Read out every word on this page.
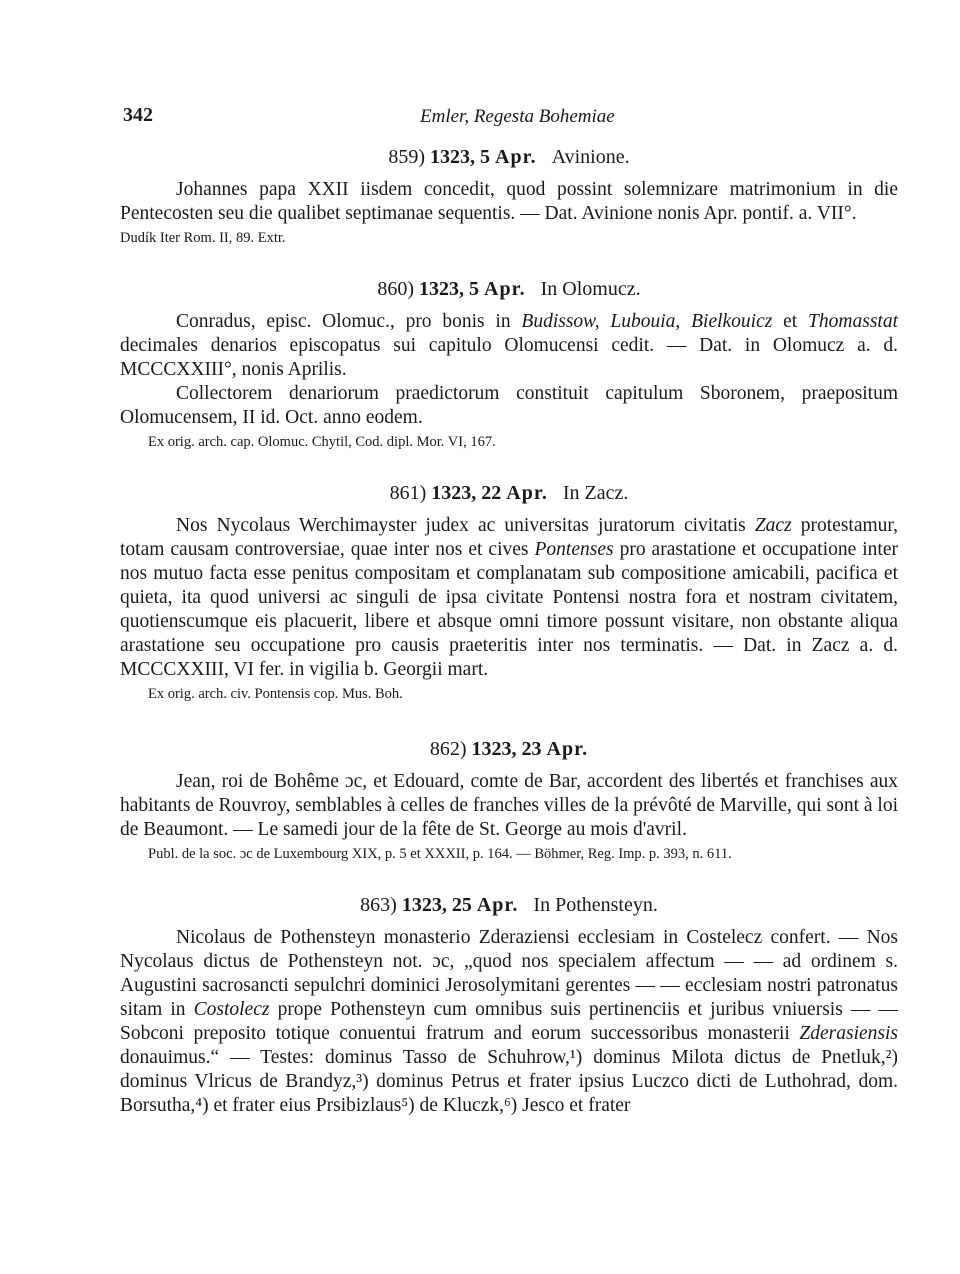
342	Emler, Regesta Bohemiae
859) 1323, 5 Apr. Avinione.

Johannes papa XXII iisdem concedit, quod possint solemnizare matrimonium in die Pentecosten seu die qualibet septimanae sequentis. — Dat. Avinione nonis Apr. pontif. a. VII°.

Dudík Iter Rom. II, 89. Extr.
860) 1323, 5 Apr. In Olomucz.

Conradus, episc. Olomuc., pro bonis in Budissow, Lubouia, Bielkouicz et Thomasstat decimales denarios episcopatus sui capitulo Olomucensi cedit. — Dat. in Olomucz a. d. MCCCXXIII°, nonis Aprilis.

Collectorem denariorum praedictorum constituit capitulum Sboronem, praepositum Olomucensem, II id. Oct. anno eodem.

Ex orig. arch. cap. Olomuc. Chytil, Cod. dipl. Mor. VI, 167.
861) 1323, 22 Apr. In Zacz.

Nos Nycolaus Werchimayster judex ac universitas juratorum civitatis Zacz protestamur, totam causam controversiae, quae inter nos et cives Pontenses pro arastatione et occupatione inter nos mutuo facta esse penitus compositam et complanatam sub compositione amicabili, pacifica et quieta, ita quod universi ac singuli de ipsa civitate Pontensi nostra fora et nostram civitatem, quotienscumque eis placuerit, libere et absque omni timore possunt visitare, non obstante aliqua arastatione seu occupatione pro causis praeteritis inter nos terminatis. — Dat. in Zacz a. d. MCCCXXIII, VI fer. in vigilia b. Georgii mart.

Ex orig. arch. civ. Pontensis cop. Mus. Boh.
862) 1323, 23 Apr.

Jean, roi de Bohême ɔc, et Edouard, comte de Bar, accordent des libertés et franchises aux habitants de Rouvroy, semblables à celles de franches villes de la prévôté de Marville, qui sont à loi de Beaumont. — Le samedi jour de la fête de St. George au mois d'avril.

Publ. de la soc. ɔc de Luxembourg XIX, p. 5 et XXXII, p. 164. — Böhmer, Reg. Imp. p. 393, n. 611.
863) 1323, 25 Apr. In Pothensteyn.

Nicolaus de Pothensteyn monasterio Zderaziensi ecclesiam in Costelecz confert. — Nos Nycolaus dictus de Pothensteyn not. ɔc, „quod nos specialem affectum — — ad ordinem s. Augustini sacrosancti sepulchri dominici Jerosolymitani gerentes — — ecclesiam nostri patronatus sitam in Costolecz prope Pothensteyn cum omnibus suis pertinenciis et juribus vniuersis — — Sobconi preposito totique conuentui fratrum and eorum successoribus monasterii Zderasiensis donauimus.“ — Testes: dominus Tasso de Schuhrow,¹) dominus Milota dictus de Pnetluk,²) dominus Vlricus de Brandyz,³) dominus Petrus et frater ipsius Luczco dicti de Luthohrad, dom. Borsutha,⁴) et frater eius Prsibizlaus⁵) de Kluczk,⁶) Jesco et frater
